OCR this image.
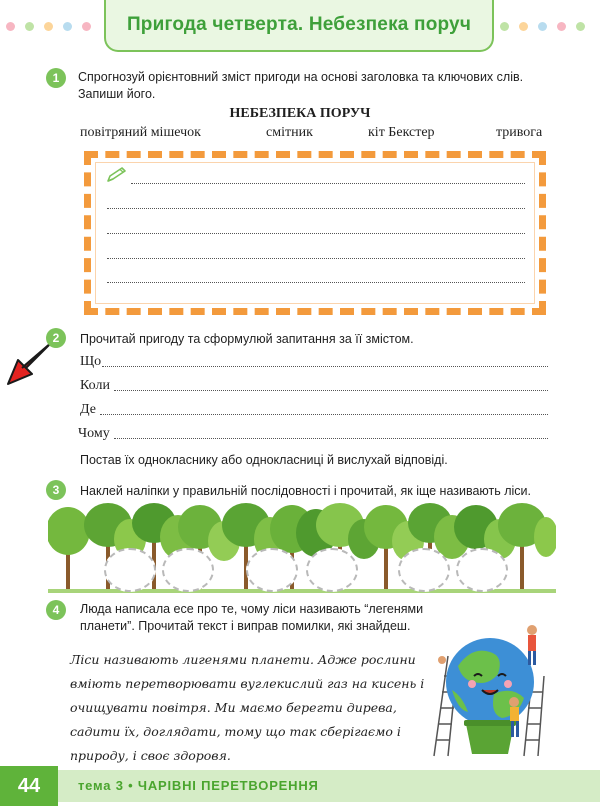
Пригода четверта. Небезпека поруч
1	Спрогнозуй орієнтовний зміст пригоди на основі заголовка та ключових слів. Запиши його.
НЕБЕЗПЕКА ПОРУЧ
повітряний мішечок	смітник	кіт Бекстер	тривога
2	Прочитай пригоду та сформулюй запитання за її змістом.
Що
Коли
Де
Чому
Постав їх однокласнику або однокласниці й вислухай відповіді.
3	Наклей наліпки у правильній послідовності і прочитай, як іще називають ліси.
4	Люда написала есе про те, чому ліси називають “легенями планети”. Прочитай текст і виправ помилки, які знайдеш.
Ліси називають лигенями планети. Адже рослини вміють перетворювати вуглекислий газ на кисень і очищувати повітря. Ми маємо берегти дирева, садити їх, доглядати, тому що так сберігаємо і природу, і своє здоровя.
44	тема 3 • ЧАРІВНІ ПЕРЕТВОРЕННЯ
